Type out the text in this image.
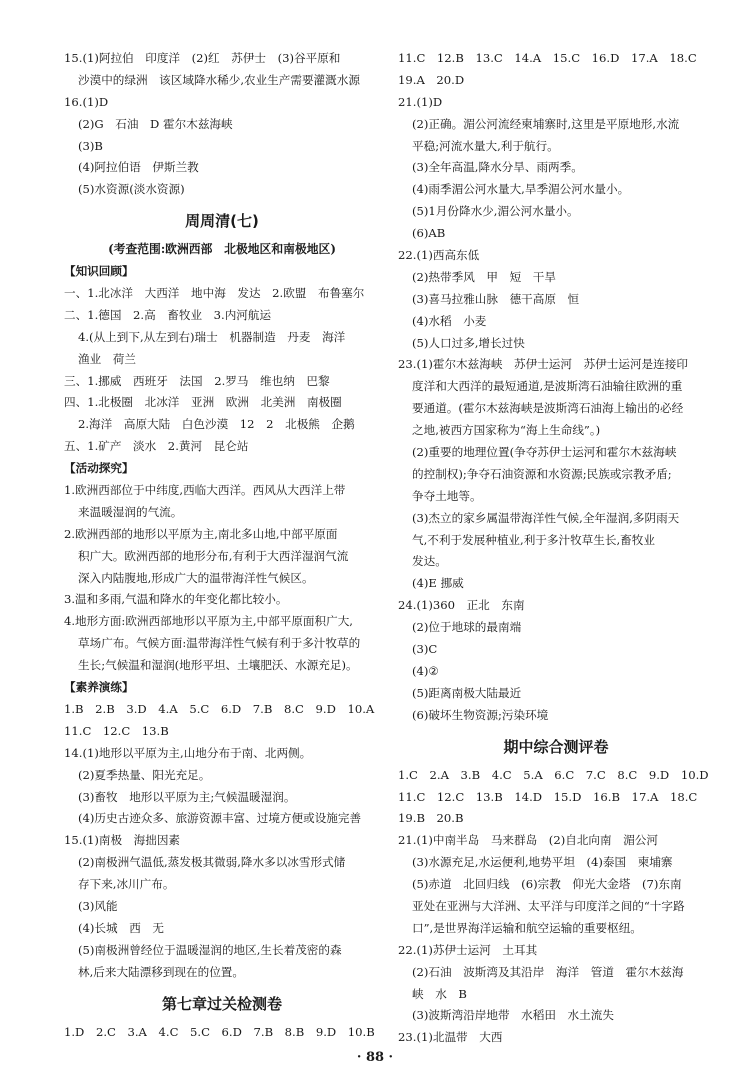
15.(1)阿拉伯　印度洋　(2)红　苏伊士　(3)谷平原和
沙漠中的绿洲　该区域降水稀少,农业生产需要灌溉水源
16.(1)D
(2)G　石油　D 霍尔木兹海峡
(3)B
(4)阿拉伯语　伊斯兰教
(5)水资源(淡水资源)
周周清(七)
(考查范围:欧洲西部　北极地区和南极地区)
【知识回顾】
一、1.北冰洋　大西洋　地中海　发达　2.欧盟　布鲁塞尔
二、1.德国　2.高　畜牧业　3.内河航运
4.(从上到下,从左到右)瑞士　机器制造　丹麦　海洋
渔业　荷兰
三、1.挪威　西班牙　法国　2.罗马　维也纳　巴黎
四、1.北极圈　北冰洋　亚洲　欧洲　北美洲　南极圈
2.海洋　高原大陆　白色沙漠　12　2　北极熊　企鹅
五、1.矿产　淡水　2.黄河　昆仑站
【活动探究】
1.欧洲西部位于中纬度,西临大西洋。西风从大西洋上带
来温暖湿润的气流。
2.欧洲西部的地形以平原为主,南北多山地,中部平原面
积广大。欧洲西部的地形分布,有利于大西洋湿润气流
深入内陆腹地,形成广大的温带海洋性气候区。
3.温和多雨,气温和降水的年变化都比较小。
4.地形方面:欧洲西部地形以平原为主,中部平原面积广大,
草场广布。气候方面:温带海洋性气候有利于多汁牧草的
生长;气候温和湿润(地形平坦、土壤肥沃、水源充足)。
【素养演练】
1.B　2.B　3.D　4.A　5.C　6.D　7.B　8.C　9.D　10.A
11.C　12.C　13.B
14.(1)地形以平原为主,山地分布于南、北两侧。
(2)夏季热量、阳光充足。
(3)畜牧　地形以平原为主;气候温暖湿润。
(4)历史古迹众多、旅游资源丰富、过境方便或设施完善
15.(1)南极　海拙因素
(2)南极洲气温低,蒸发极其微弱,降水多以冰雪形式储
存下来,冰川广布。
(3)风能
(4)长城　西　无
(5)南极洲曾经位于温暖湿润的地区,生长着茂密的森
林,后来大陆漂移到现在的位置。
第七章过关检测卷
1.D　2.C　3.A　4.C　5.C　6.D　7.B　8.B　9.D　10.B
11.C　12.B　13.C　14.A　15.C　16.D　17.A　18.C
19.A　20.D
21.(1)D
(2)正确。湄公河流经柬埔寨时,这里是平原地形,水流
平稳;河流水量大,利于航行。
(3)全年高温,降水分旱、雨两季。
(4)雨季湄公河水量大,旱季湄公河水量小。
(5)1月份降水少,湄公河水量小。
(6)AB
22.(1)西高东低
(2)热带季风　甲　短　干旱
(3)喜马拉雅山脉　德干高原　恒
(4)水稻　小麦
(5)人口过多,增长过快
23.(1)霍尔木兹海峡　苏伊士运河　苏伊士运河是连接印
度洋和大西洋的最短通道,是波斯湾石油输往欧洲的重
要通道。(霍尔木兹海峡是波斯湾石油海上输出的必经
之地,被西方国家称为“海上生命线”。)
(2)重要的地理位置(争夺苏伊士运河和霍尔木兹海峡
的控制权);争夺石油资源和水资源;民族或宗教矛盾;
争夺土地等。
(3)杰立的家乡属温带海洋性气候,全年湿润,多阴雨天
气,不利于发展种植业,利于多汁牧草生长,畜牧业
发达。
(4)E 挪威
24.(1)360　正北　东南
(2)位于地球的最南端
(3)C
(4)②
(5)距离南极大陆最近
(6)破坏生物资源;污染环境
期中综合测评卷
1.C　2.A　3.B　4.C　5.A　6.C　7.C　8.C　9.D　10.D
11.C　12.C　13.B　14.D　15.D　16.B　17.A　18.C
19.B　20.B
21.(1)中南半岛　马来群岛　(2)自北向南　湄公河
(3)水源充足,水运便利,地势平坦　(4)泰国　柬埔寨
(5)赤道　北回归线　(6)宗教　仰光大金塔　(7)东南
亚处在亚洲与大洋洲、太平洋与印度洋之间的“十字路
口”,是世界海洋运输和航空运输的重要枢纽。
22.(1)苏伊士运河　土耳其
(2)石油　波斯湾及其沿岸　海洋　管道　霍尔木兹海
峡　水　B
(3)波斯湾沿岸地带　水稻田　水土流失
23.(1)北温带　大西
· 88 ·
